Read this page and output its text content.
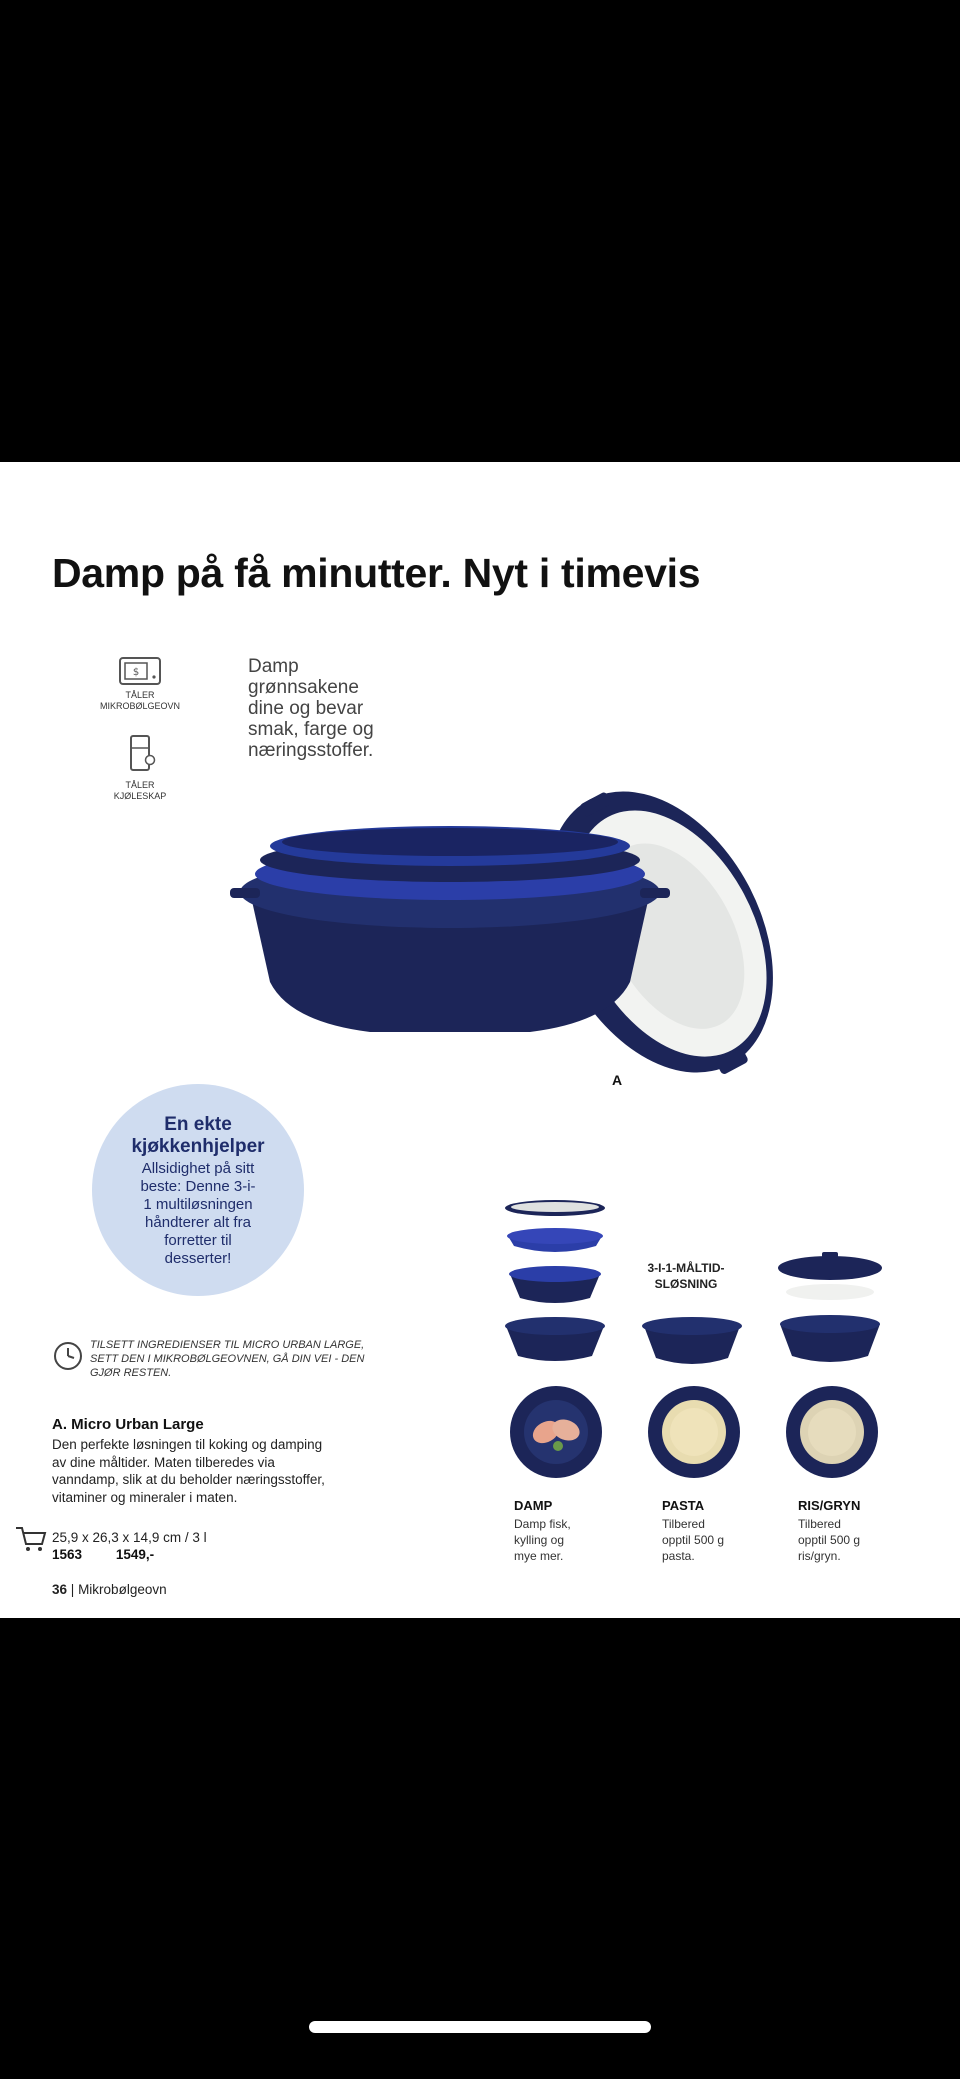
Damp på få minutter. Nyt i timevis
$
TÅLER
MIKROBØLGEOVN
TÅLER
KJØLESKAP
Damp
grønnsakene
dine og bevar
smak, farge og
næringsstoffer.
A
En ekte
kjøkkenhjelper
Allsidighet på sitt
beste: Denne 3-i-
1 multiløsningen
håndterer alt fra
forretter til
desserter!
TILSETT INGREDIENSER TIL MICRO URBAN LARGE, SETT DEN I MIKROBØLGEOVNEN, GÅ DIN VEI - DEN GJØR RESTEN.
A. Micro Urban Large
Den perfekte løsningen til koking og damping av dine måltider. Maten tilberedes via vanndamp, slik at du beholder næringsstoffer, vitaminer og mineraler i maten.
25,9 x 26,3 x 14,9 cm / 3 l
1563	1549,-
36 | Mikrobølgeovn
3-I-1-MÅLTID-
SLØSNING
DAMP
Damp fisk,
kylling og
mye mer.
PASTA
Tilbered
opptil 500 g
pasta.
RIS/GRYN
Tilbered
opptil 500 g
ris/gryn.
